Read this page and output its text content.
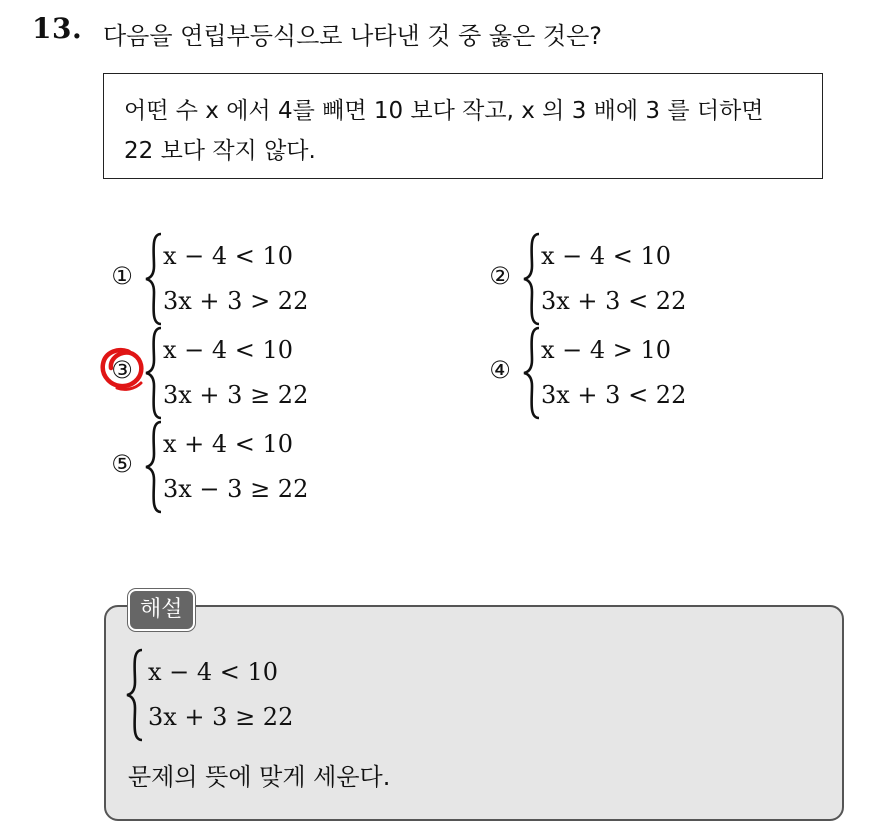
13. 다음을 연립부등식으로 나타낸 것 중 옳은 것은?
어떤 수 x 에서 4를 빼면 10 보다 작고, x 의 3 배에 3 를 더하면
22 보다 작지 않다.
①
x − 4 < 10
3x + 3 > 22
②
x − 4 < 10
3x + 3 < 22
③
x − 4 < 10
3x + 3 ≥ 22
④
x − 4 > 10
3x + 3 < 22
⑤
x + 4 < 10
3x − 3 ≥ 22
해설
x − 4 < 10
3x + 3 ≥ 22
문제의 뜻에 맞게 세운다.
